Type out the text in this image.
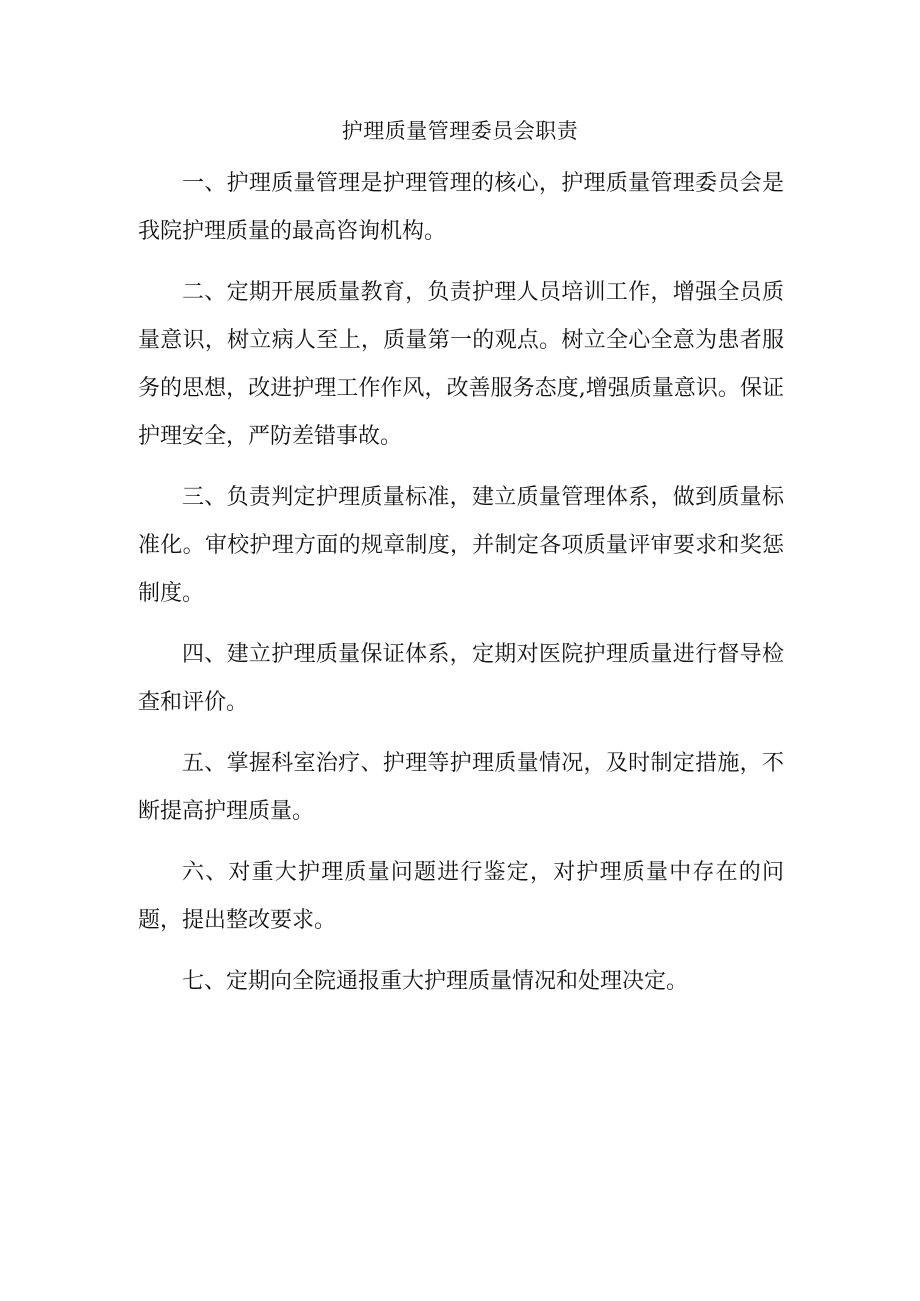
护理质量管理委员会职责

一、护理质量管理是护理管理的核心，护理质量管理委员会是我院护理质量的最高咨询机构。

二、定期开展质量教育，负责护理人员培训工作，增强全员质量意识，树立病人至上，质量第一的观点。树立全心全意为患者服务的思想，改进护理工作作风，改善服务态度,增强质量意识。保证护理安全，严防差错事故。

三、负责判定护理质量标准，建立质量管理体系，做到质量标准化。审校护理方面的规章制度，并制定各项质量评审要求和奖惩制度。

四、建立护理质量保证体系，定期对医院护理质量进行督导检查和评价。

五、掌握科室治疗、护理等护理质量情况，及时制定措施，不断提高护理质量。

六、对重大护理质量问题进行鉴定，对护理质量中存在的问题，提出整改要求。

七、定期向全院通报重大护理质量情况和处理决定。
